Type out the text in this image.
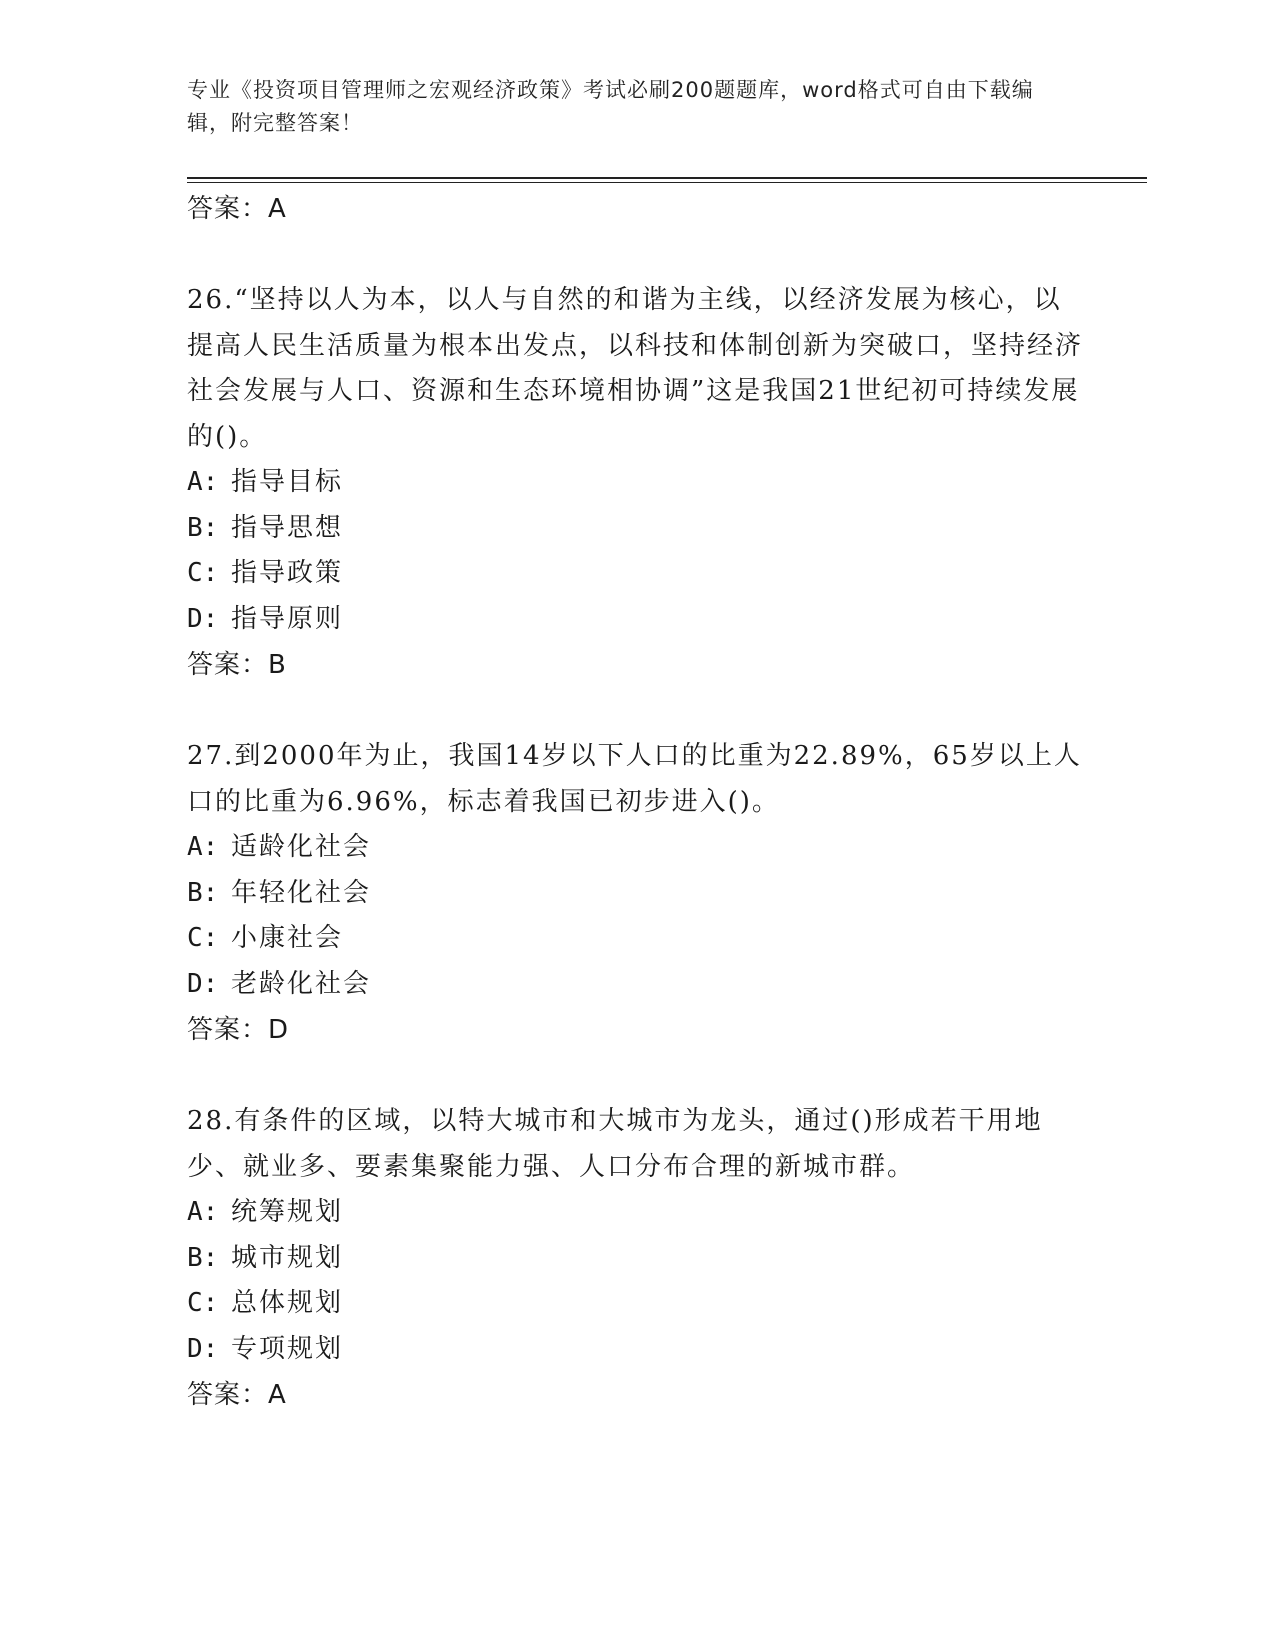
专业《投资项目管理师之宏观经济政策》考试必刷200题题库，word格式可自由下载编辑，附完整答案！
答案：A
26.“坚持以人为本，以人与自然的和谐为主线，以经济发展为核心，以提高人民生活质量为根本出发点，以科技和体制创新为突破口，坚持经济社会发展与人口、资源和生态环境相协调”这是我国21世纪初可持续发展的()。
A: 指导目标
B: 指导思想
C: 指导政策
D: 指导原则
答案：B
27.到2000年为止，我国14岁以下人口的比重为22.89%，65岁以上人口的比重为6.96%，标志着我国已初步进入()。
A: 适龄化社会
B: 年轻化社会
C: 小康社会
D: 老龄化社会
答案：D
28.有条件的区域，以特大城市和大城市为龙头，通过()形成若干用地少、就业多、要素集聚能力强、人口分布合理的新城市群。
A: 统筹规划
B: 城市规划
C: 总体规划
D: 专项规划
答案：A
